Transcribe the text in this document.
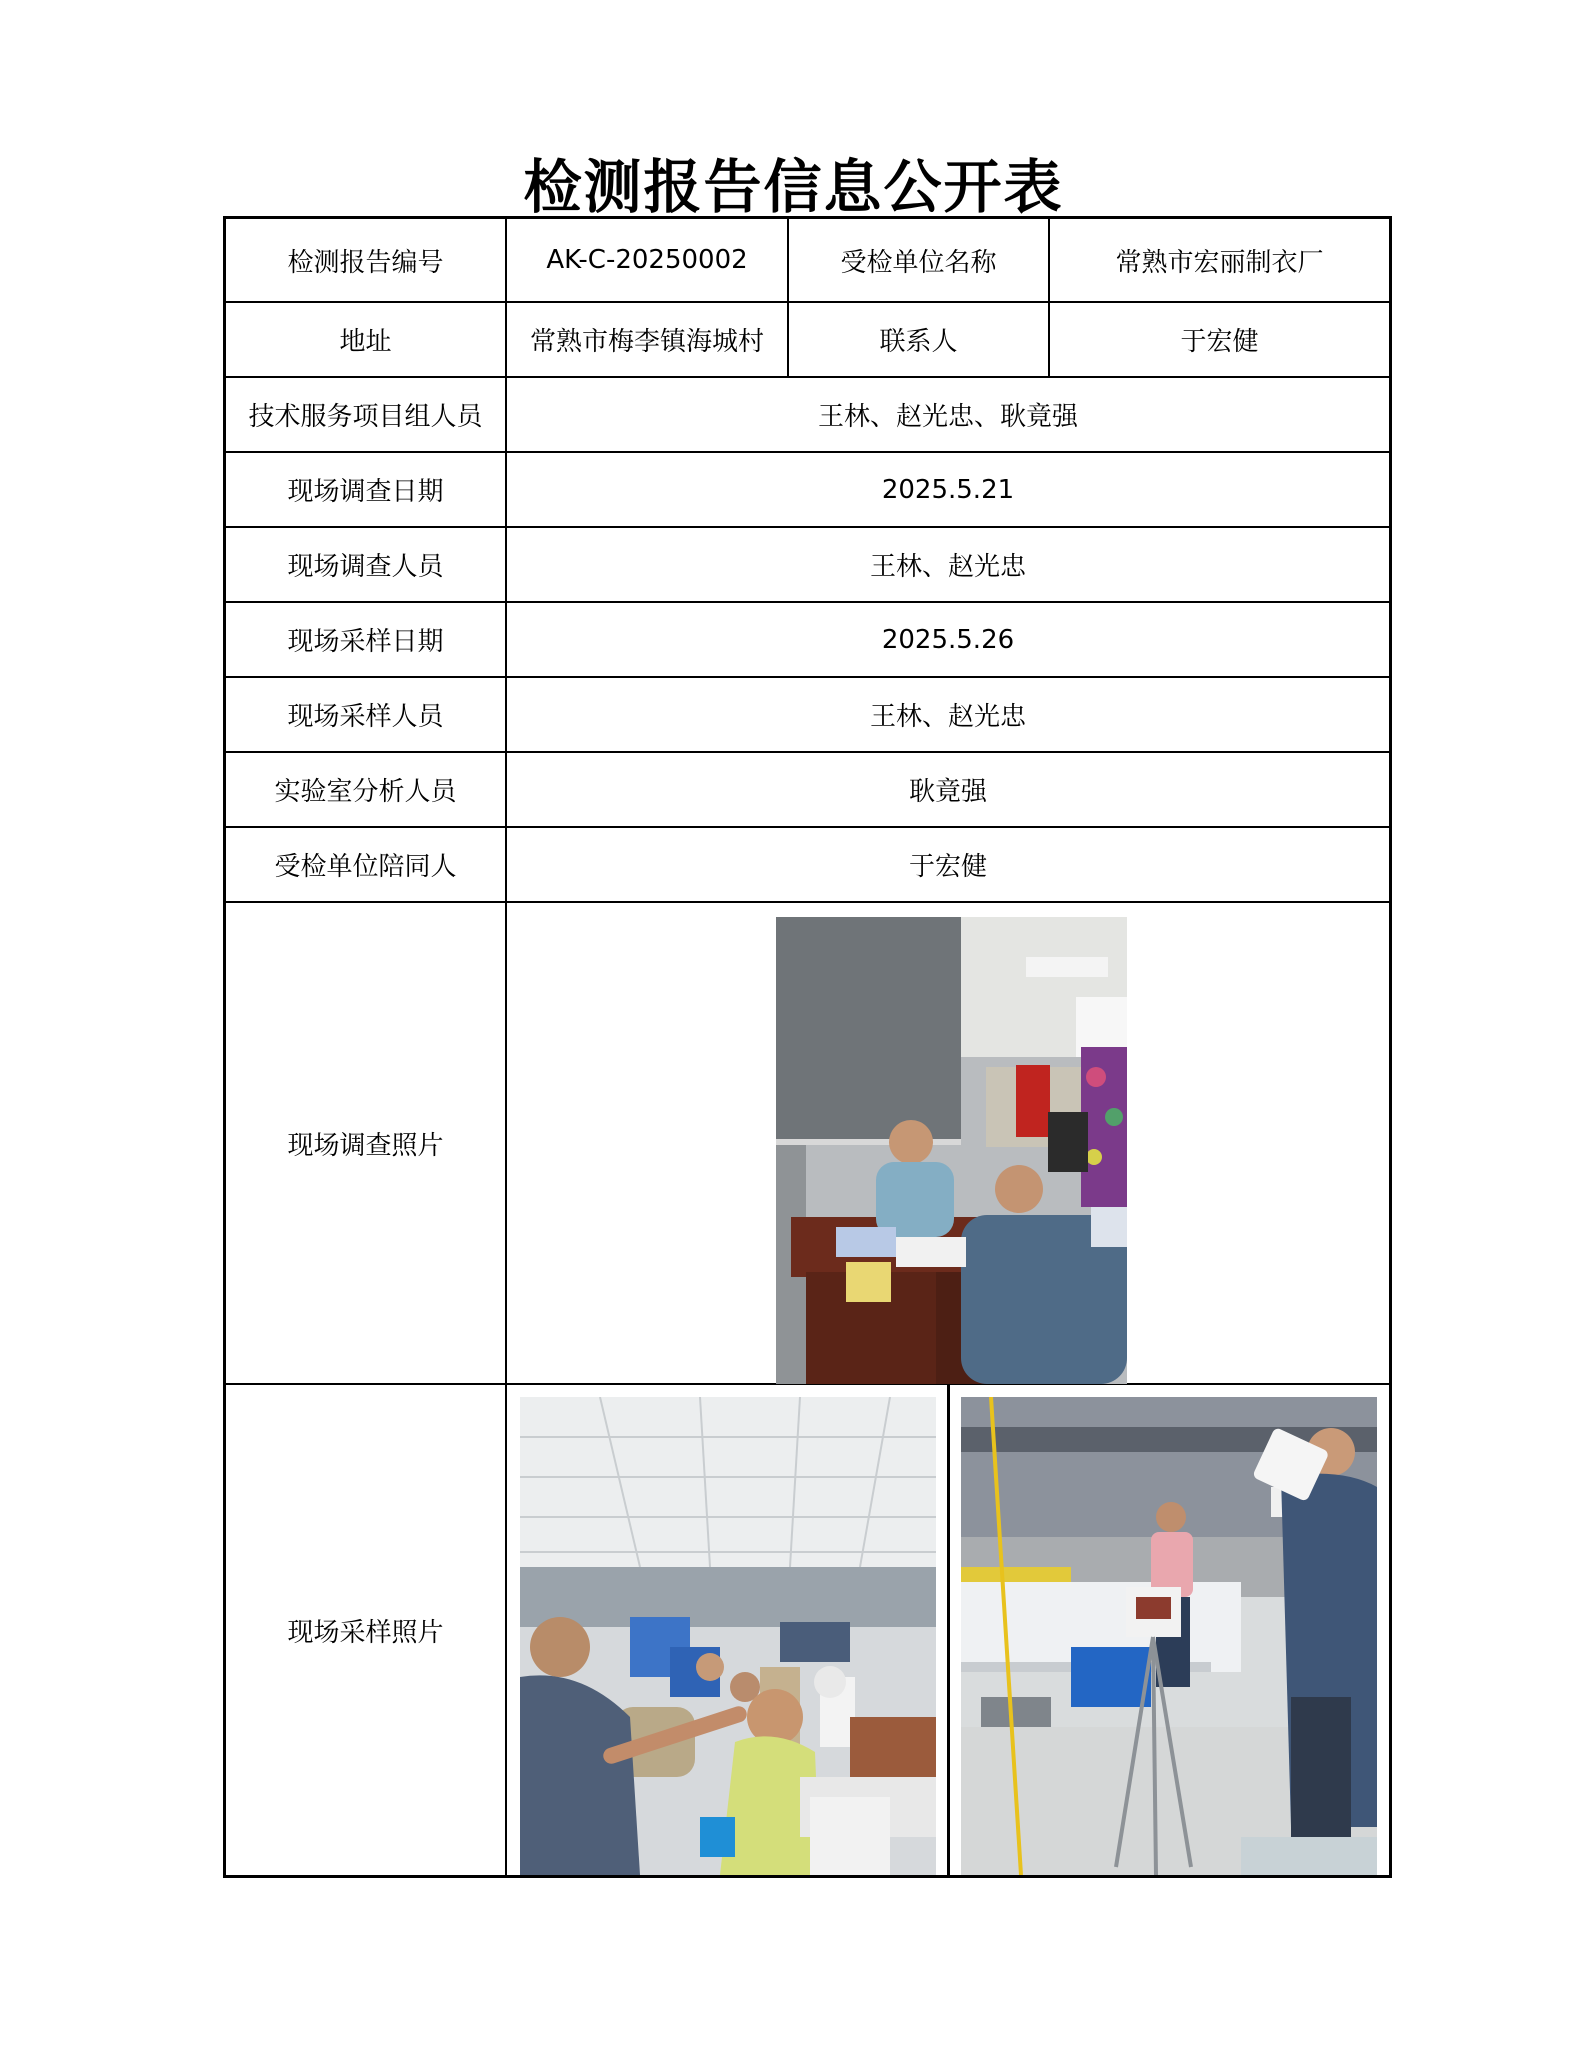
检测报告信息公开表
检测报告编号	AK-C-20250002	受检单位名称	常熟市宏丽制衣厂
地址	常熟市梅李镇海城村	联系人	于宏健
技术服务项目组人员	王林、赵光忠、耿竟强
现场调查日期	2025.5.21
现场调查人员	王林、赵光忠
现场采样日期	2025.5.26
现场采样人员	王林、赵光忠
实验室分析人员	耿竟强
受检单位陪同人	于宏健
现场调查照片
现场采样照片
